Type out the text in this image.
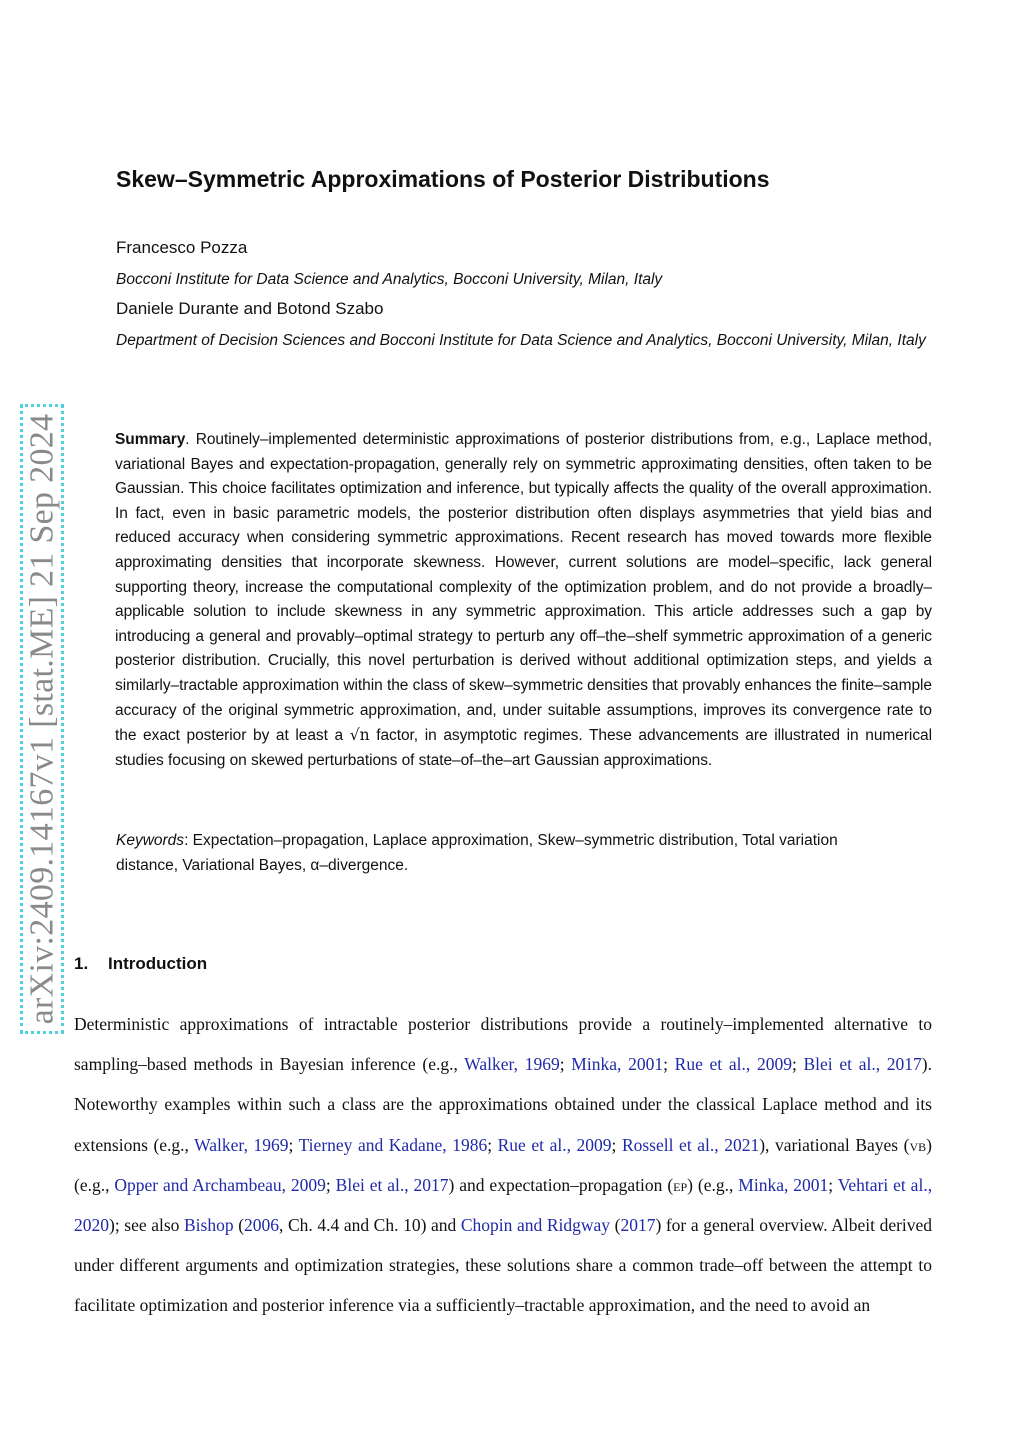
arXiv:2409.14167v1 [stat.ME] 21 Sep 2024
Skew–Symmetric Approximations of Posterior Distributions

Francesco Pozza

Bocconi Institute for Data Science and Analytics, Bocconi University, Milan, Italy

Daniele Durante and Botond Szabo

Department of Decision Sciences and Bocconi Institute for Data Science and Analytics, Bocconi University, Milan, Italy

Summary. Routinely–implemented deterministic approximations of posterior distributions from, e.g., Laplace method, variational Bayes and expectation-propagation, generally rely on symmetric approximating densities, often taken to be Gaussian. This choice facilitates optimization and inference, but typically affects the quality of the overall approximation. In fact, even in basic parametric models, the posterior distribution often displays asymmetries that yield bias and reduced accuracy when considering symmetric approximations. Recent research has moved towards more flexible approximating densities that incorporate skewness. However, current solutions are model–specific, lack general supporting theory, increase the computational complexity of the optimization problem, and do not provide a broadly–applicable solution to include skewness in any symmetric approximation. This article addresses such a gap by introducing a general and provably–optimal strategy to perturb any off–the–shelf symmetric approximation of a generic posterior distribution. Crucially, this novel perturbation is derived without additional optimization steps, and yields a similarly–tractable approximation within the class of skew–symmetric densities that provably enhances the finite–sample accuracy of the original symmetric approximation, and, under suitable assumptions, improves its convergence rate to the exact posterior by at least a √n factor, in asymptotic regimes. These advancements are illustrated in numerical studies focusing on skewed perturbations of state–of–the–art Gaussian approximations.

Keywords: Expectation–propagation, Laplace approximation, Skew–symmetric distribution, Total variation distance, Variational Bayes, α–divergence.

1. Introduction

Deterministic approximations of intractable posterior distributions provide a routinely–implemented alternative to sampling–based methods in Bayesian inference (e.g., Walker, 1969; Minka, 2001; Rue et al., 2009; Blei et al., 2017). Noteworthy examples within such a class are the approximations obtained under the classical Laplace method and its extensions (e.g., Walker, 1969; Tierney and Kadane, 1986; Rue et al., 2009; Rossell et al., 2021), variational Bayes (vb) (e.g., Opper and Archambeau, 2009; Blei et al., 2017) and expectation–propagation (ep) (e.g., Minka, 2001; Vehtari et al., 2020); see also Bishop (2006, Ch. 4.4 and Ch. 10) and Chopin and Ridgway (2017) for a general overview. Albeit derived under different arguments and optimization strategies, these solutions share a common trade–off between the attempt to facilitate optimization and posterior inference via a sufficiently–tractable approximation, and the need to avoid an
